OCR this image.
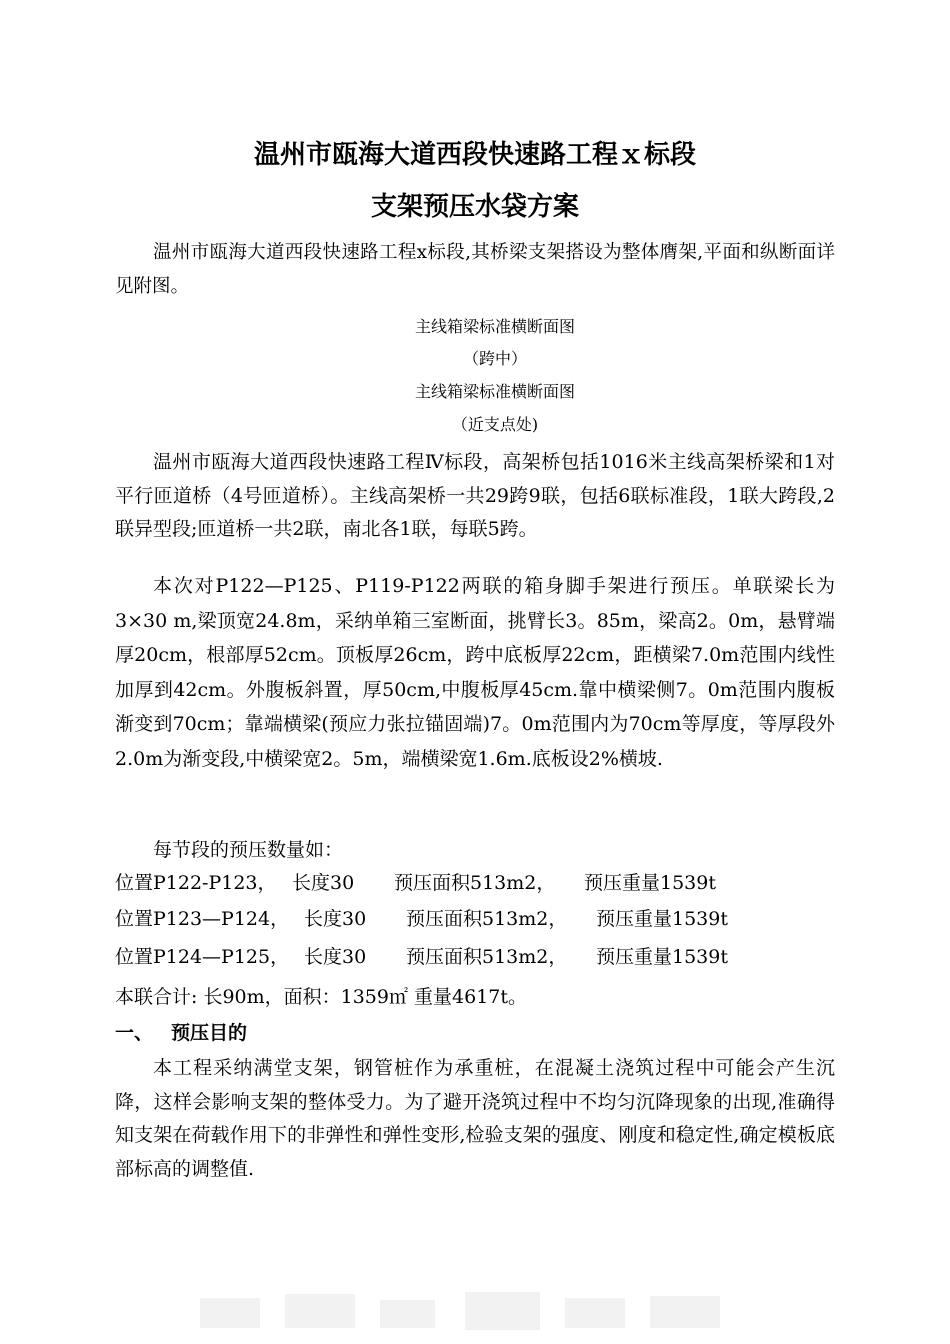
温州市瓯海大道西段快速路工程ｘ标段
支架预压水袋方案
温州市瓯海大道西段快速路工程x标段,其桥梁支架搭设为整体膺架,平面和纵断面详见附图。
主线箱梁标准横断面图
（跨中）
主线箱梁标准横断面图
（近支点处)
温州市瓯海大道西段快速路工程Ⅳ标段，高架桥包括1016米主线高架桥梁和1对平行匝道桥（4号匝道桥）。主线高架桥一共29跨9联，包括6联标准段，1联大跨段,2联异型段;匝道桥一共2联，南北各1联，每联5跨。
本次对P122—P125、P119-P122两联的箱身脚手架进行预压。单联梁长为3×30 m,梁顶宽24.8m，采纳单箱三室断面，挑臂长3。85m，梁高2。0m，悬臂端厚20cm，根部厚52cm。顶板厚26cm，跨中底板厚22cm，距横梁7.0m范围内线性加厚到42cm。外腹板斜置，厚50cm,中腹板厚45cm.靠中横梁侧7。0m范围内腹板渐变到70cm；靠端横梁(预应力张拉锚固端)7。0m范围内为70cm等厚度，等厚段外2.0m为渐变段,中横梁宽2。5m，端横梁宽1.6m.底板设2%横坡.
每节段的预压数量如：
位置P122-P123， 长度30 预压面积513m2， 预压重量1539t
位置P123—P124， 长度30 预压面积513m2， 预压重量1539t
位置P124—P125， 长度30 预压面积513m2， 预压重量1539t
本联合计: 长90m，面积：1359㎡ 重量4617t。
一、 预压目的
本工程采纳满堂支架，钢管桩作为承重桩，在混凝土浇筑过程中可能会产生沉降，这样会影响支架的整体受力。为了避开浇筑过程中不均匀沉降现象的出现,准确得知支架在荷载作用下的非弹性和弹性变形,检验支架的强度、刚度和稳定性,确定模板底部标高的调整值.
